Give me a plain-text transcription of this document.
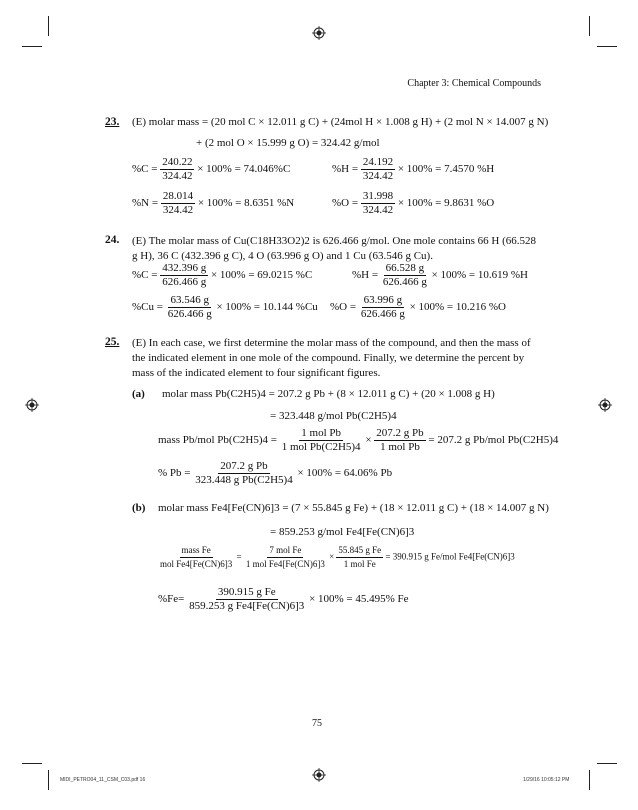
Chapter 3: Chemical Compounds
23. (E) molar mass = (20 mol C × 12.011 g C) + (24mol H × 1.008 g H) + (2 mol N × 14.007 g N)
+ (2 mol O × 15.999 g O) = 324.42 g/mol
$\%C = \frac{240.22}{324.42} \times 100\% = 74.046\%C$	$\%H = \frac{24.192}{324.42} \times 100\% = 7.4570$ %H
$\%N = \frac{28.014}{324.42} \times 100\% = 8.6351$ %N	$\%O = \frac{31.998}{324.42} \times 100\% = 9.8631$ %O
24. (E) The molar mass of Cu(C18H33O2)2 is 626.466 g/mol. One mole contains 66 H (66.528 g H), 36 C (432.396 g C), 4 O (63.996 g O) and 1 Cu (63.546 g Cu).
$\%C = \frac{432.396 g}{626.466 g} \times 100\% = 69.0215$ %C	$\%H = \frac{66.528 g}{626.466 g} \times 100\% = 10.619$ %H
$\%Cu = \frac{63.546 g}{626.466 g} \times 100\% = 10.144$ %Cu $\%O = \frac{63.996 g}{626.466 g} \times 100\% = 10.216$ %O
25. (E) In each case, we first determine the molar mass of the compound, and then the mass of the indicated element in one mole of the compound. Finally, we determine the percent by mass of the indicated element to four significant figures.
(a) molar mass Pb(C2H5)4 = 207.2 g Pb + (8 × 12.011 g C) + (20 × 1.008 g H)
= 323.448 g/mol Pb(C2H5)4
mass Pb/mol $Pb(C2H5)4 = \frac{\text{1 mol Pb}}{\text{1 mol Pb(C2H5)4}} \times \frac{\text{207.2 g Pb}}{\text{1 mol Pb}} = 207.2$ g Pb/mol Pb(C2H5)4
% $Pb = \frac{\text{207.2 g Pb}}{\text{323.448 g Pb(C2H5)4}} \times 100\% = 64.06\%$ Pb
(b) molar mass Fe4[Fe(CN)6]3 = (7 × 55.845 g Fe) + (18 × 12.011 g C) + (18 × 14.007 g N)
= 859.253 g/mol Fe4[Fe(CN)6]3
$\frac{\text{mass Fe}}{\text{mol Fe4[Fe(CN)6]3}} = \frac{\text{7 mol Fe}}{\text{1 mol Fe4[Fe(CN)6]3}} \times \frac{\text{55.845 g Fe}}{\text{1 mol Fe}} = 390.915$ g Fe/mol Fe4[Fe(CN)6]3
$\%Fe= \frac{\text{390.915 g Fe}}{\text{859.253 g Fe4[Fe(CN)6]3}} \times 100\% = 45.495\%$ Fe
75
MIDI_PETRO04_11_CSM_C03.pdf 16	1/29/16 10:05:12 PM
